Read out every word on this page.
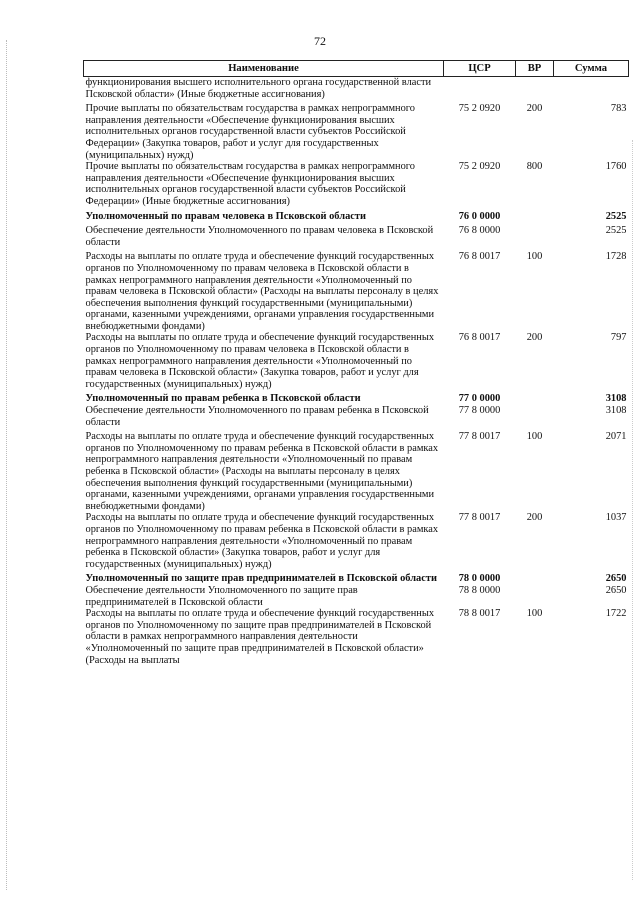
72
Наименование	ЦСР	ВР	Сумма
функционирования высшего исполнительного органа государственной власти Псковской области» (Иные бюджетные ассигнования)			
Прочие выплаты по обязательствам государства в рамках непрограммного направления деятельности «Обеспечение функционирования высших исполнительных органов государственной власти субъектов Российской Федерации» (Закупка товаров, работ и услуг для государственных (муниципальных) нужд)	75 2 0920	200	783
Прочие выплаты по обязательствам государства в рамках непрограммного направления деятельности «Обеспечение функционирования высших исполнительных органов государственной власти субъектов Российской Федерации» (Иные бюджетные ассигнования)	75 2 0920	800	1760
Уполномоченный по правам человека в Псковской области	76 0 0000		2525
Обеспечение деятельности Уполномоченного по правам человека в Псковской области	76 8 0000		2525
Расходы на выплаты по оплате труда и обеспечение функций государственных органов по Уполномоченному по правам человека в Псковской области в рамках непрограммного направления деятельности «Уполномоченный по правам человека в Псковской области» (Расходы на выплаты персоналу в целях обеспечения выполнения функций государственными (муниципальными) органами, казенными учреждениями, органами управления государственными внебюджетными фондами)	76 8 0017	100	1728
Расходы на выплаты по оплате труда и обеспечение функций государственных органов по Уполномоченному по правам человека в Псковской области в рамках непрограммного направления деятельности «Уполномоченный по правам человека в Псковской области» (Закупка товаров, работ и услуг для государственных (муниципальных) нужд)	76 8 0017	200	797
Уполномоченный по правам ребенка в Псковской области	77 0 0000		3108
Обеспечение деятельности Уполномоченного по правам ребенка в Псковской области	77 8 0000		3108
Расходы на выплаты по оплате труда и обеспечение функций государственных органов по Уполномоченному по правам ребенка в Псковской области в рамках непрограммного направления деятельности «Уполномоченный по правам ребенка в Псковской области» (Расходы на выплаты персоналу в целях обеспечения выполнения функций государственными (муниципальными) органами, казенными учреждениями, органами управления государственными внебюджетными фондами)	77 8 0017	100	2071
Расходы на выплаты по оплате труда и обеспечение функций государственных органов по Уполномоченному по правам ребенка в Псковской области в рамках непрограммного направления деятельности «Уполномоченный по правам ребенка в Псковской области» (Закупка товаров, работ и услуг для государственных (муниципальных) нужд)	77 8 0017	200	1037
Уполномоченный по защите прав предпринимателей в Псковской области	78 0 0000		2650
Обеспечение деятельности Уполномоченного по защите прав предпринимателей в Псковской области	78 8 0000		2650
Расходы на выплаты по оплате труда и обеспечение функций государственных органов по Уполномоченному по защите прав предпринимателей в Псковской области в рамках непрограммного направления деятельности «Уполномоченный по защите прав предпринимателей в Псковской области» (Расходы на выплаты	78 8 0017	100	1722
